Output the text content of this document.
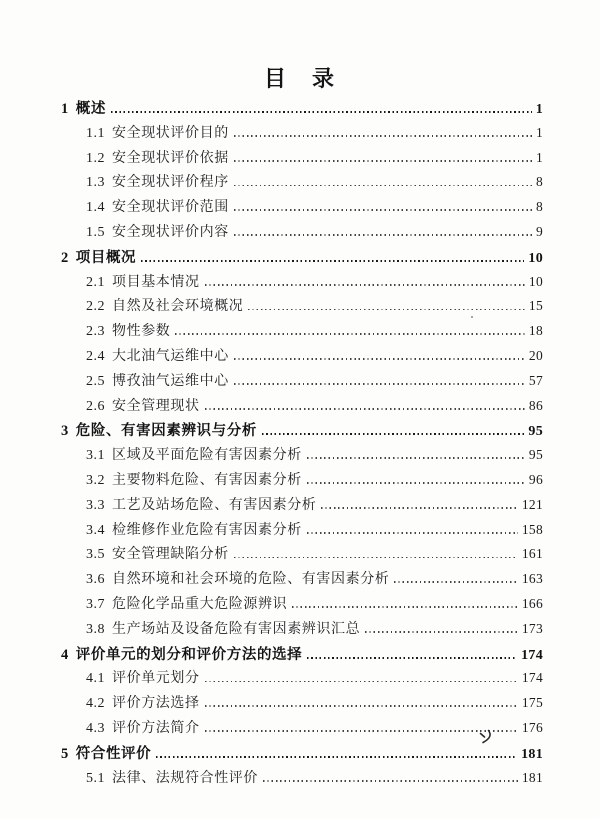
目　录
1 概述	1
1.1 安全现状评价目的	1
1.2 安全现状评价依据	1
1.3 安全现状评价程序	8
1.4 安全现状评价范围	8
1.5 安全现状评价内容	9
2 项目概况	10
2.1 项目基本情况	10
2.2 自然及社会环境概况	15
2.3 物性参数	18
2.4 大北油气运维中心	20
2.5 博孜油气运维中心	57
2.6 安全管理现状	86
3 危险、有害因素辨识与分析	95
3.1 区域及平面危险有害因素分析	95
3.2 主要物料危险、有害因素分析	96
3.3 工艺及站场危险、有害因素分析	121
3.4 检维修作业危险有害因素分析	158
3.5 安全管理缺陷分析	161
3.6 自然环境和社会环境的危险、有害因素分析	163
3.7 危险化学品重大危险源辨识	166
3.8 生产场站及设备危险有害因素辨识汇总	173
4 评价单元的划分和评价方法的选择	174
4.1 评价单元划分	174
4.2 评价方法选择	175
4.3 评价方法简介	176
5 符合性评价	181
5.1 法律、法规符合性评价	181
